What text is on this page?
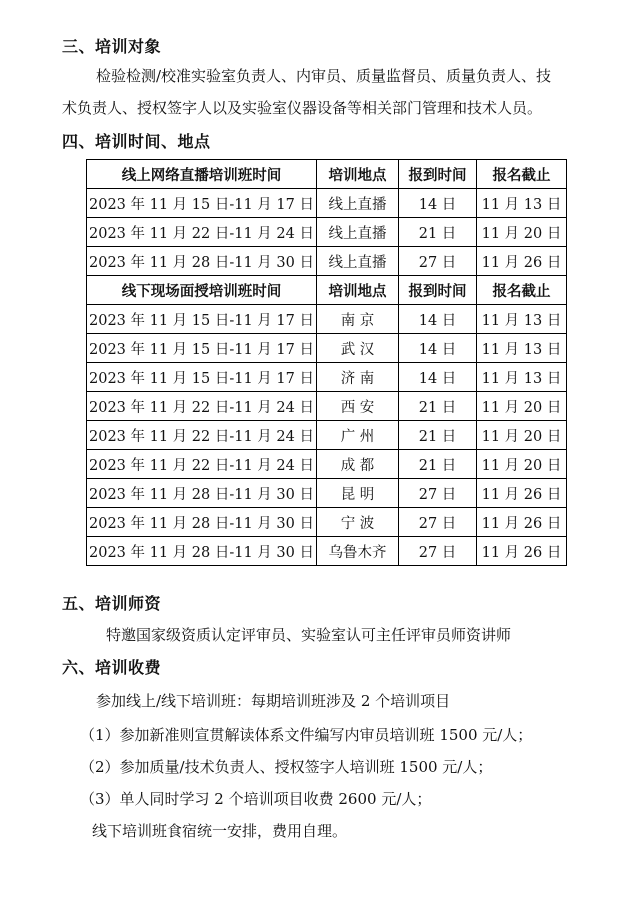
三、培训对象
检验检测/校准实验室负责人、内审员、质量监督员、质量负责人、技
术负责人、授权签字人以及实验室仪器设备等相关部门管理和技术人员。
四、培训时间、地点
线上网络直播培训班时间	培训地点	报到时间	报名截止
2023 年 11 月 15 日-11 月 17 日	线上直播	14 日	11 月 13 日
2023 年 11 月 22 日-11 月 24 日	线上直播	21 日	11 月 20 日
2023 年 11 月 28 日-11 月 30 日	线上直播	27 日	11 月 26 日
线下现场面授培训班时间	培训地点	报到时间	报名截止
2023 年 11 月 15 日-11 月 17 日	南 京	14 日	11 月 13 日
2023 年 11 月 15 日-11 月 17 日	武 汉	14 日	11 月 13 日
2023 年 11 月 15 日-11 月 17 日	济 南	14 日	11 月 13 日
2023 年 11 月 22 日-11 月 24 日	西 安	21 日	11 月 20 日
2023 年 11 月 22 日-11 月 24 日	广 州	21 日	11 月 20 日
2023 年 11 月 22 日-11 月 24 日	成 都	21 日	11 月 20 日
2023 年 11 月 28 日-11 月 30 日	昆 明	27 日	11 月 26 日
2023 年 11 月 28 日-11 月 30 日	宁 波	27 日	11 月 26 日
2023 年 11 月 28 日-11 月 30 日	乌鲁木齐	27 日	11 月 26 日
五、培训师资
特邀国家级资质认定评审员、实验室认可主任评审员师资讲师
六、培训收费
参加线上/线下培训班：每期培训班涉及 2 个培训项目
（1）参加新准则宣贯解读体系文件编写内审员培训班 1500 元/人；
（2）参加质量/技术负责人、授权签字人培训班 1500 元/人；
（3）单人同时学习 2 个培训项目收费 2600 元/人；
线下培训班食宿统一安排，费用自理。
